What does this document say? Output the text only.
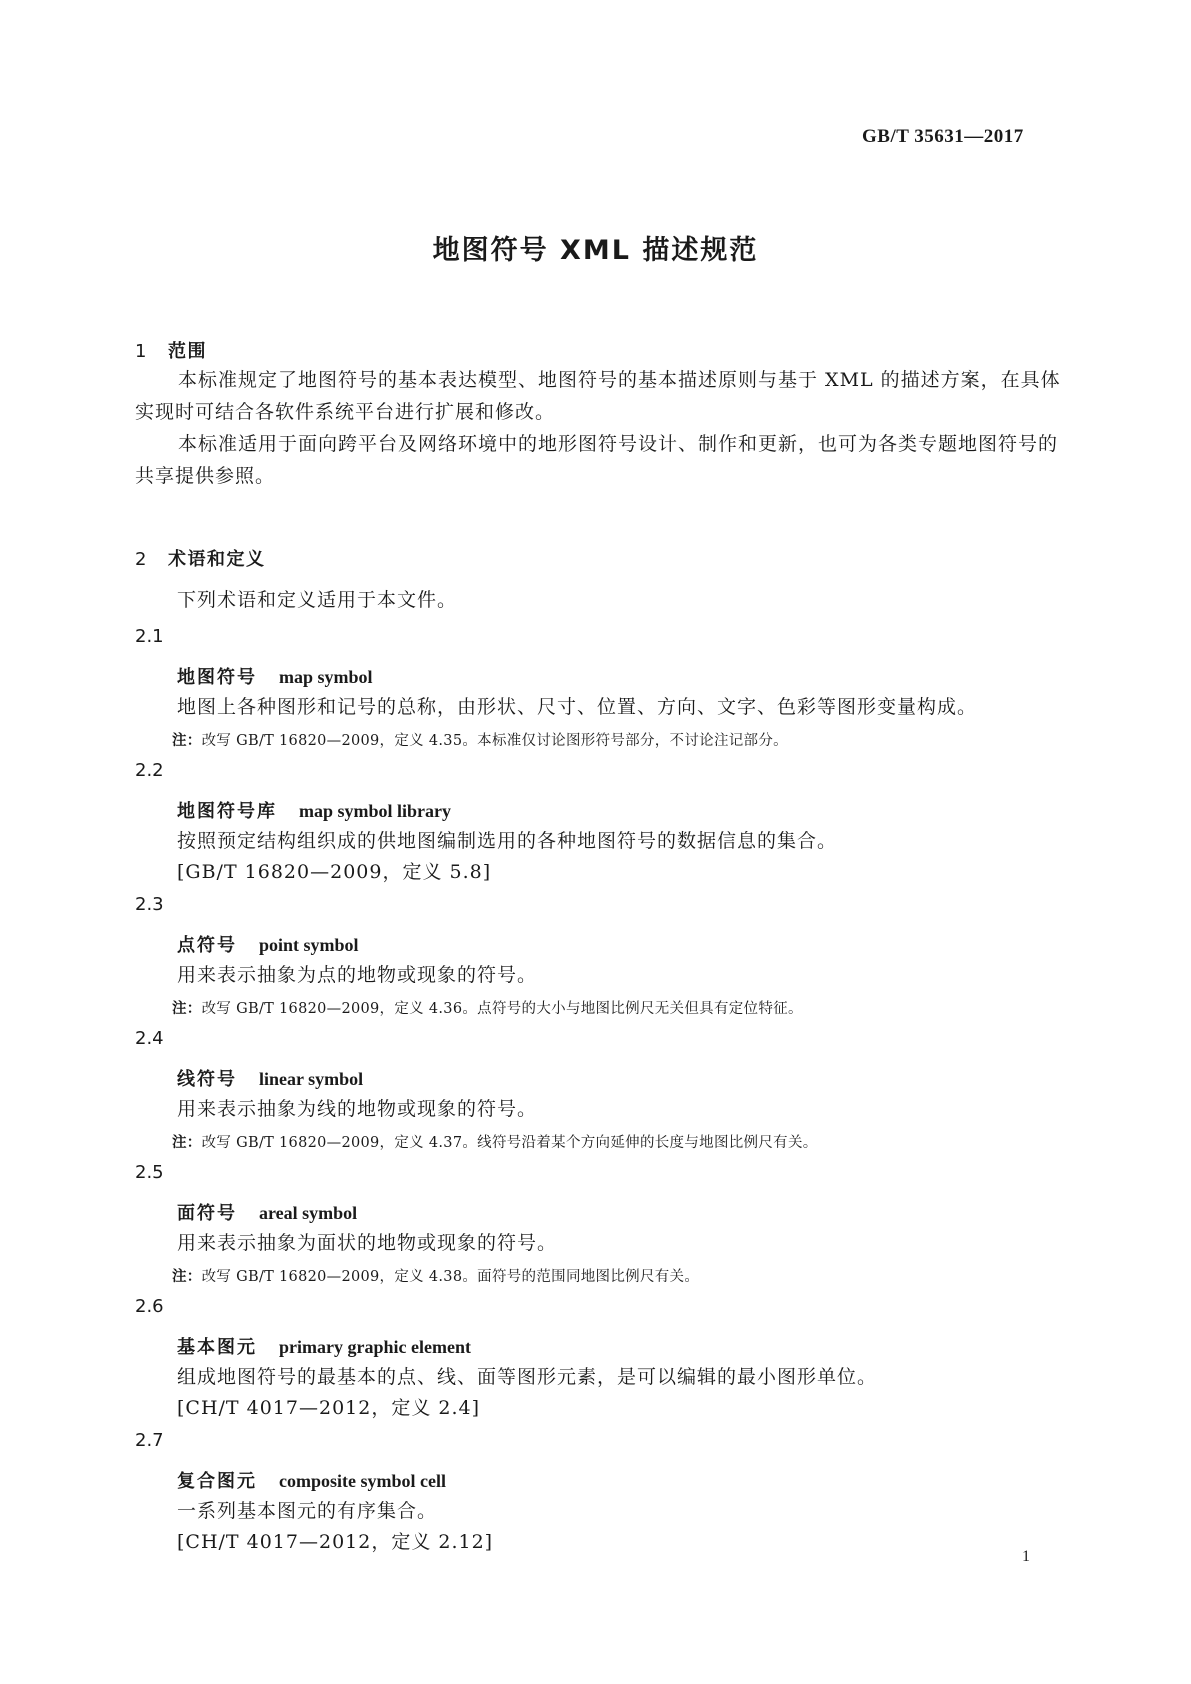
GB/T 35631—2017
地图符号 XML 描述规范
1 范围

本标准规定了地图符号的基本表达模型、地图符号的基本描述原则与基于 XML 的描述方案，在具体实现时可结合各软件系统平台进行扩展和修改。

本标准适用于面向跨平台及网络环境中的地形图符号设计、制作和更新，也可为各类专题地图符号的共享提供参照。

2 术语和定义
下列术语和定义适用于本文件。
2.1
地图符号 map symbol
地图上各种图形和记号的总称，由形状、尺寸、位置、方向、文字、色彩等图形变量构成。
注：改写 GB/T 16820—2009，定义 4.35。本标准仅讨论图形符号部分，不讨论注记部分。
2.2
地图符号库 map symbol library
按照预定结构组织成的供地图编制选用的各种地图符号的数据信息的集合。
[GB/T 16820—2009，定义 5.8]
2.3
点符号 point symbol
用来表示抽象为点的地物或现象的符号。
注：改写 GB/T 16820—2009，定义 4.36。点符号的大小与地图比例尺无关但具有定位特征。
2.4
线符号 linear symbol
用来表示抽象为线的地物或现象的符号。
注：改写 GB/T 16820—2009，定义 4.37。线符号沿着某个方向延伸的长度与地图比例尺有关。
2.5
面符号 areal symbol
用来表示抽象为面状的地物或现象的符号。
注：改写 GB/T 16820—2009，定义 4.38。面符号的范围同地图比例尺有关。
2.6
基本图元 primary graphic element
组成地图符号的最基本的点、线、面等图形元素，是可以编辑的最小图形单位。
[CH/T 4017—2012，定义 2.4]
2.7
复合图元 composite symbol cell
一系列基本图元的有序集合。
[CH/T 4017—2012，定义 2.12]
1
